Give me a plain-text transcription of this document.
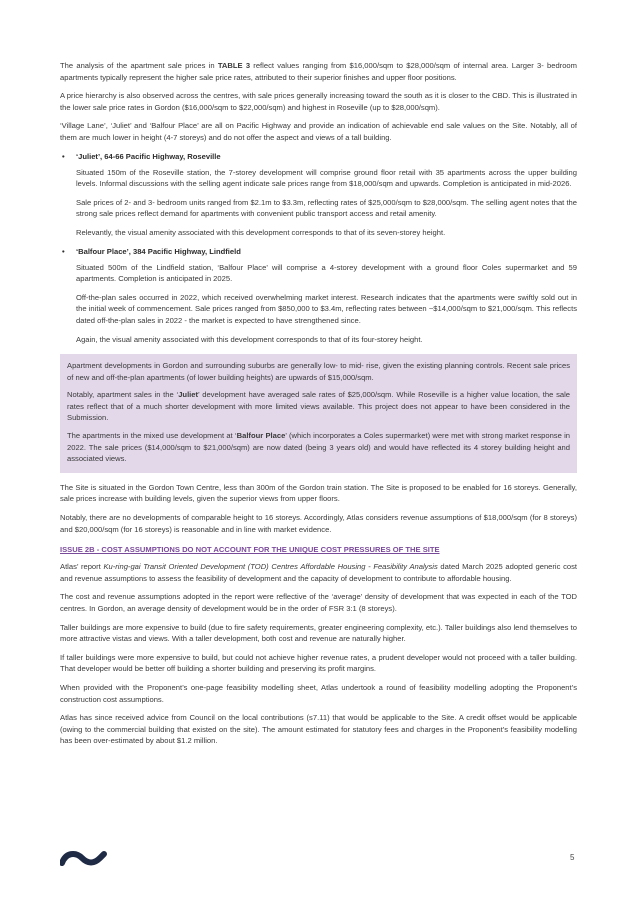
The analysis of the apartment sale prices in TABLE 3 reflect values ranging from $16,000/sqm to $28,000/sqm of internal area. Larger 3- bedroom apartments typically represent the higher sale price rates, attributed to their superior finishes and upper floor positions.

A price hierarchy is also observed across the centres, with sale prices generally increasing toward the south as it is closer to the CBD. This is illustrated in the lower sale price rates in Gordon ($16,000/sqm to $22,000/sqm) and highest in Roseville (up to $28,000/sqm).

‘Village Lane’, ‘Juliet’ and ‘Balfour Place’ are all on Pacific Highway and provide an indication of achievable end sale values on the Site. Notably, all of them are much lower in height (4-7 storeys) and do not offer the aspect and views of a tall building.

• ‘Juliet’, 64-66 Pacific Highway, Roseville

Situated 150m of the Roseville station, the 7-storey development will comprise ground floor retail with 35 apartments across the upper building levels. Informal discussions with the selling agent indicate sale prices range from $18,000/sqm and upwards. Completion is anticipated in mid-2026.

Sale prices of 2- and 3- bedroom units ranged from $2.1m to $3.3m, reflecting rates of $25,000/sqm to $28,000/sqm. The selling agent notes that the strong sale prices reflect demand for apartments with convenient public transport access and retail amenity.

Relevantly, the visual amenity associated with this development corresponds to that of its seven-storey height.

• ‘Balfour Place’, 384 Pacific Highway, Lindfield

Situated 500m of the Lindfield station, ‘Balfour Place’ will comprise a 4-storey development with a ground floor Coles supermarket and 59 apartments. Completion is anticipated in 2025.

Off-the-plan sales occurred in 2022, which received overwhelming market interest. Research indicates that the apartments were swiftly sold out in the initial week of commencement. Sale prices ranged from $850,000 to $3.4m, reflecting rates between ~$14,000/sqm to $21,000/sqm. This reflects dated off-the-plan sales in 2022 - the market is expected to have strengthened since.

Again, the visual amenity associated with this development corresponds to that of its four-storey height.

Apartment developments in Gordon and surrounding suburbs are generally low- to mid- rise, given the existing planning controls. Recent sale prices of new and off-the-plan apartments (of lower building heights) are upwards of $15,000/sqm.

Notably, apartment sales in the ‘Juliet’ development have averaged sale rates of $25,000/sqm. While Roseville is a higher value location, the sale rates reflect that of a much shorter development with more limited views available. This project does not appear to have been considered in the Submission.

The apartments in the mixed use development at ‘Balfour Place’ (which incorporates a Coles supermarket) were met with strong market response in 2022. The sale prices ($14,000/sqm to $21,000/sqm) are now dated (being 3 years old) and would have reflected its 4 storey building height and associated views.

The Site is situated in the Gordon Town Centre, less than 300m of the Gordon train station. The Site is proposed to be enabled for 16 storeys. Generally, sale prices increase with building levels, given the superior views from upper floors.

Notably, there are no developments of comparable height to 16 storeys. Accordingly, Atlas considers revenue assumptions of $18,000/sqm (for 8 storeys) and $20,000/sqm (for 16 storeys) is reasonable and in line with market evidence.

ISSUE 2B - COST ASSUMPTIONS DO NOT ACCOUNT FOR THE UNIQUE COST PRESSURES OF THE SITE

Atlas’ report Ku-ring-gai Transit Oriented Development (TOD) Centres Affordable Housing - Feasibility Analysis dated March 2025 adopted generic cost and revenue assumptions to assess the feasibility of development and the capacity of development to contribute to affordable housing.

The cost and revenue assumptions adopted in the report were reflective of the ‘average’ density of development that was expected in each of the TOD centres. In Gordon, an average density of development would be in the order of FSR 3:1 (8 storeys).

Taller buildings are more expensive to build (due to fire safety requirements, greater engineering complexity, etc.). Taller buildings also lend themselves to more attractive vistas and views. With a taller development, both cost and revenue are naturally higher.

If taller buildings were more expensive to build, but could not achieve higher revenue rates, a prudent developer would not proceed with a taller building. That developer would be better off building a shorter building and preserving its profit margins.

When provided with the Proponent’s one-page feasibility modelling sheet, Atlas undertook a round of feasibility modelling adopting the Proponent’s construction cost assumptions.

Atlas has since received advice from Council on the local contributions (s7.11) that would be applicable to the Site. A credit offset would be applicable (owing to the commercial building that existed on the site). The amount estimated for statutory fees and charges in the Proponent’s feasibility modelling has been over-estimated by about $1.2 million.

5
